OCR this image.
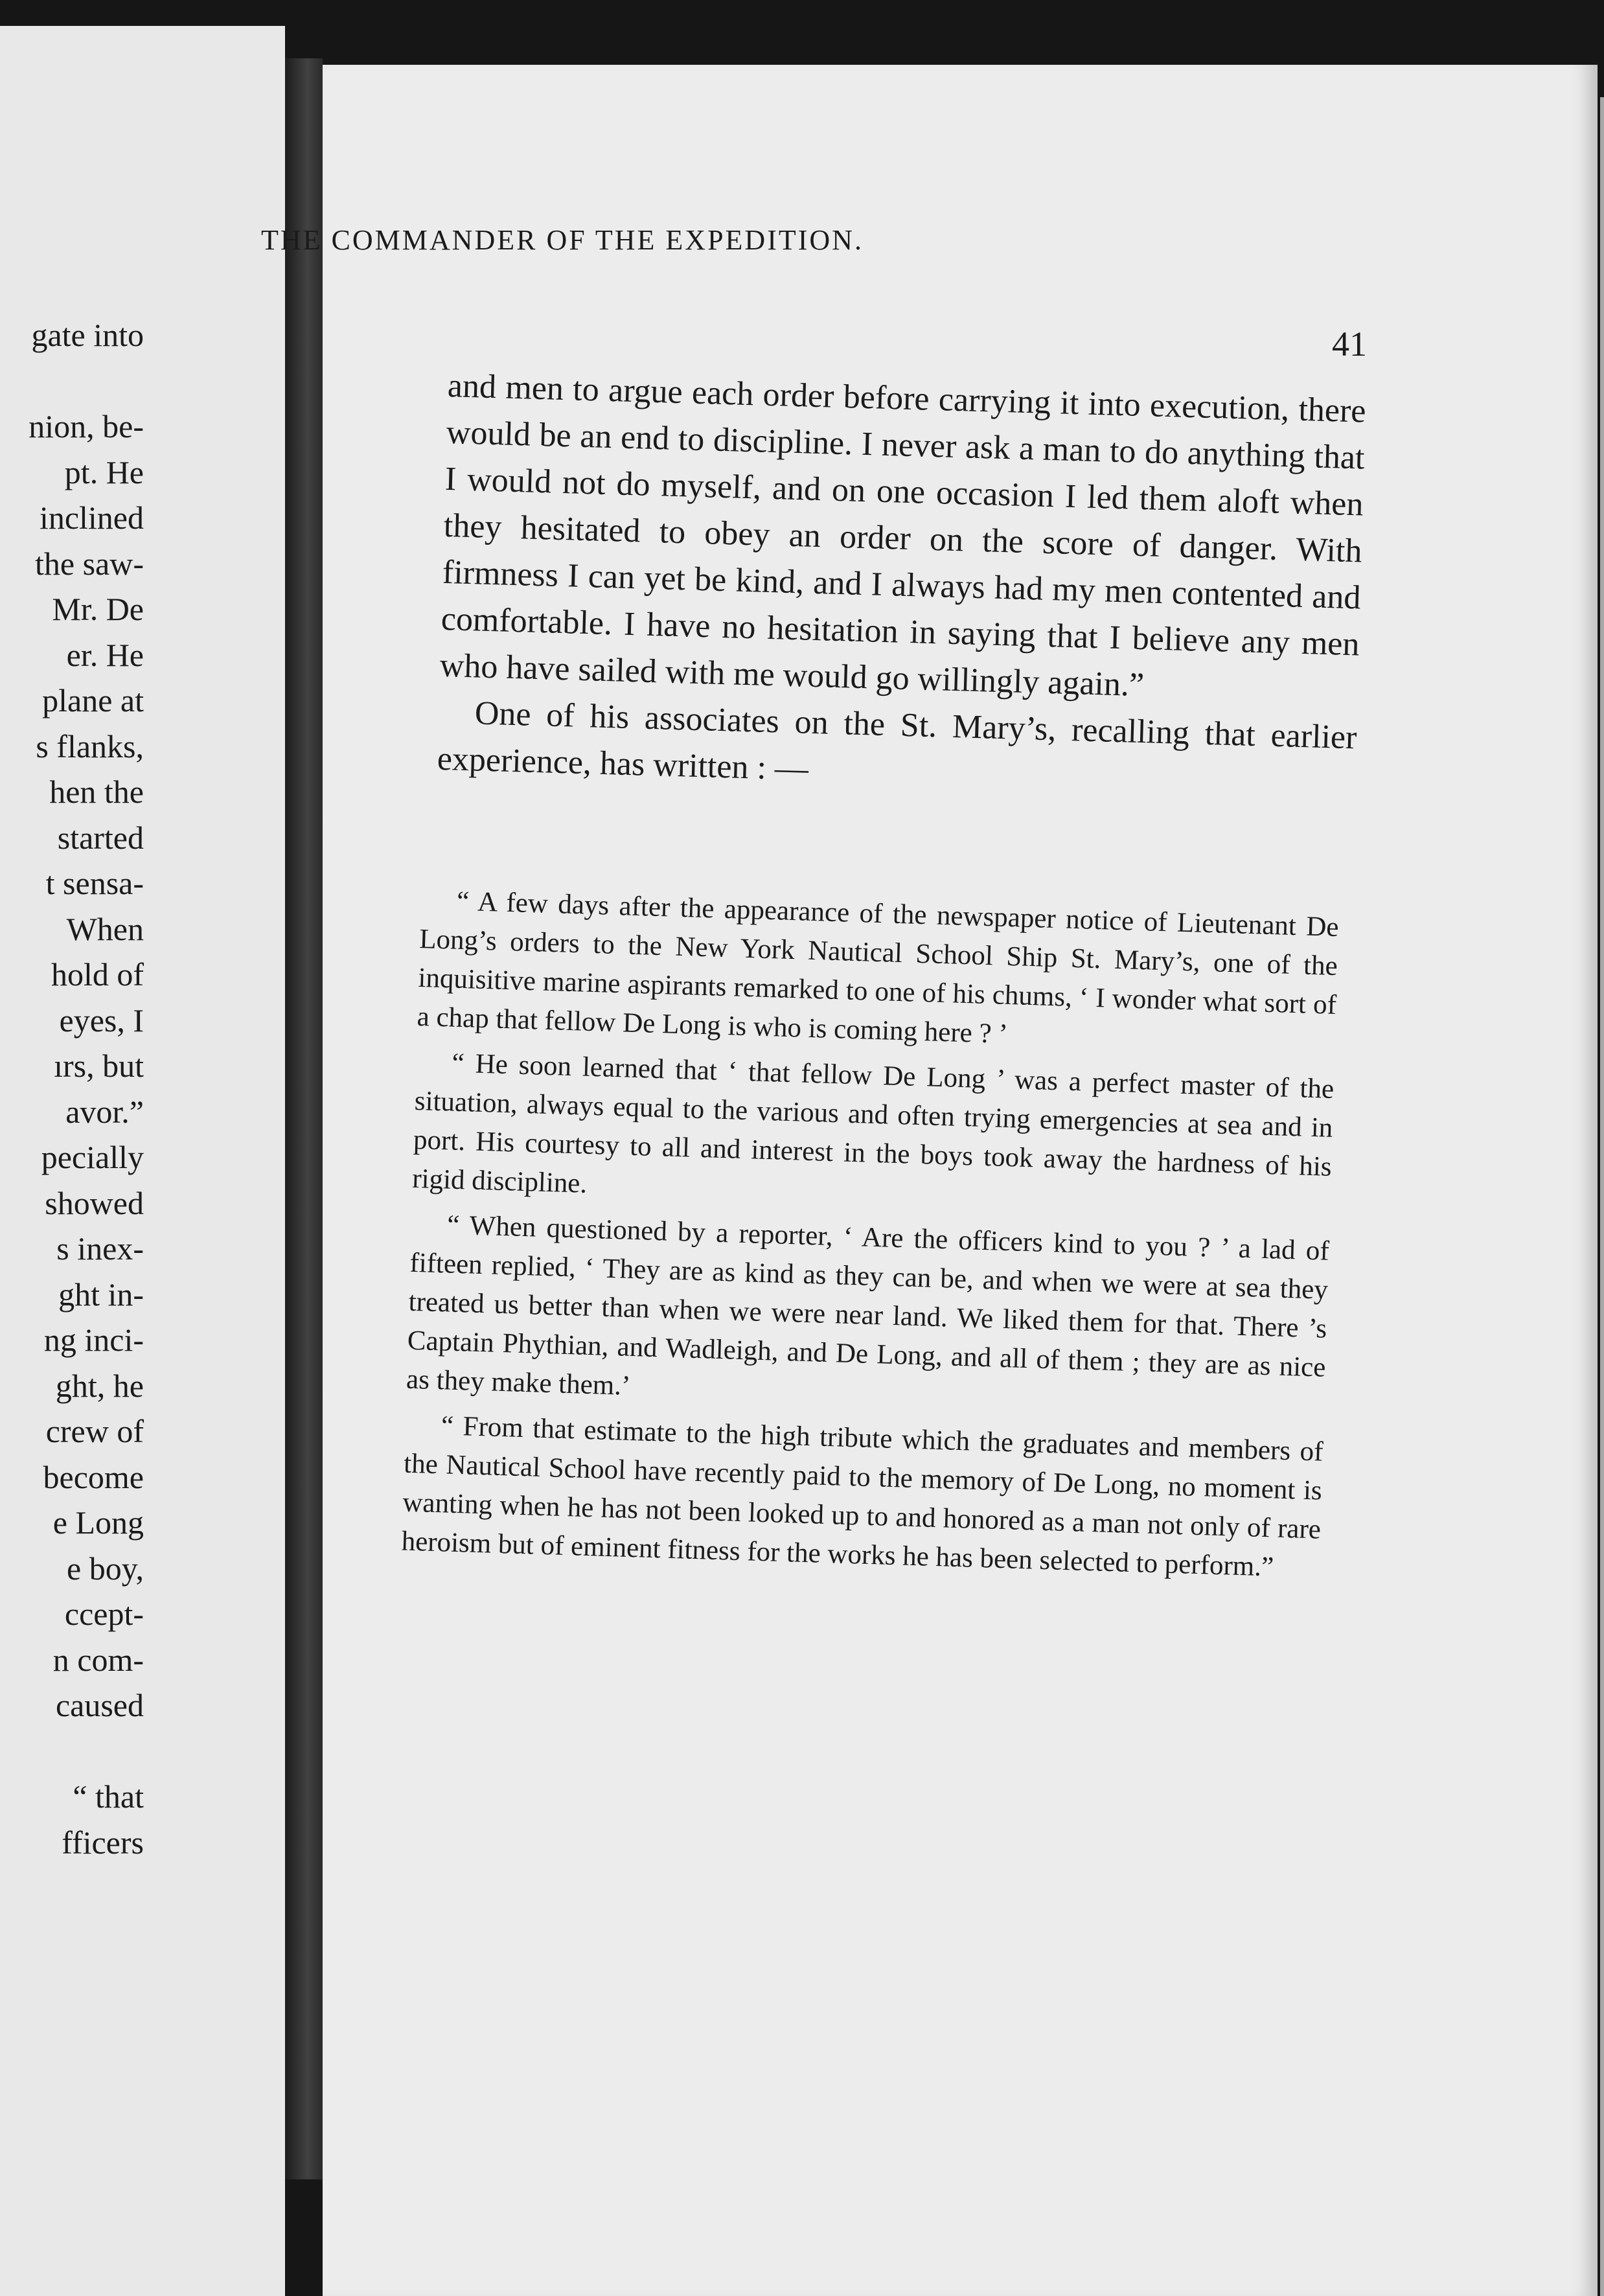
gate into
nion, be-
pt. He
inclined
the saw-
Mr. De
er. He
plane at
s flanks,
hen the
started
t sensa-
When
hold of
eyes, I
ırs, but
avor.”
pecially
showed
s inex-
ght in-
ng inci-
ght, he
crew of
become
e Long
e boy,
ccept-
n com-
caused
“ that
fficers
THE COMMANDER OF THE EXPEDITION.
41

and men to argue each order before carrying it into execution, there would be an end to discipline. I never ask a man to do anything that I would not do myself, and on one occasion I led them aloft when they hesitated to obey an order on the score of danger. With firmness I can yet be kind, and I always had my men contented and comfortable. I have no hesitation in saying that I believe any men who have sailed with me would go willingly again.”

One of his associates on the St. Mary’s, recalling that earlier experience, has written : —

“ A few days after the appearance of the newspaper notice of Lieutenant De Long’s orders to the New York Nautical School Ship St. Mary’s, one of the inquisitive marine aspirants remarked to one of his chums, ‘ I wonder what sort of a chap that fellow De Long is who is coming here ? ’

“ He soon learned that ‘ that fellow De Long ’ was a perfect master of the situation, always equal to the various and often trying emergencies at sea and in port. His courtesy to all and interest in the boys took away the hardness of his rigid discipline.

“ When questioned by a reporter, ‘ Are the officers kind to you ? ’ a lad of fifteen replied, ‘ They are as kind as they can be, and when we were at sea they treated us better than when we were near land. We liked them for that. There ’s Captain Phythian, and Wadleigh, and De Long, and all of them ; they are as nice as they make them.’

“ From that estimate to the high tribute which the graduates and members of the Nautical School have recently paid to the memory of De Long, no moment is wanting when he has not been looked up to and honored as a man not only of rare heroism but of eminent fitness for the works he has been selected to perform.”
